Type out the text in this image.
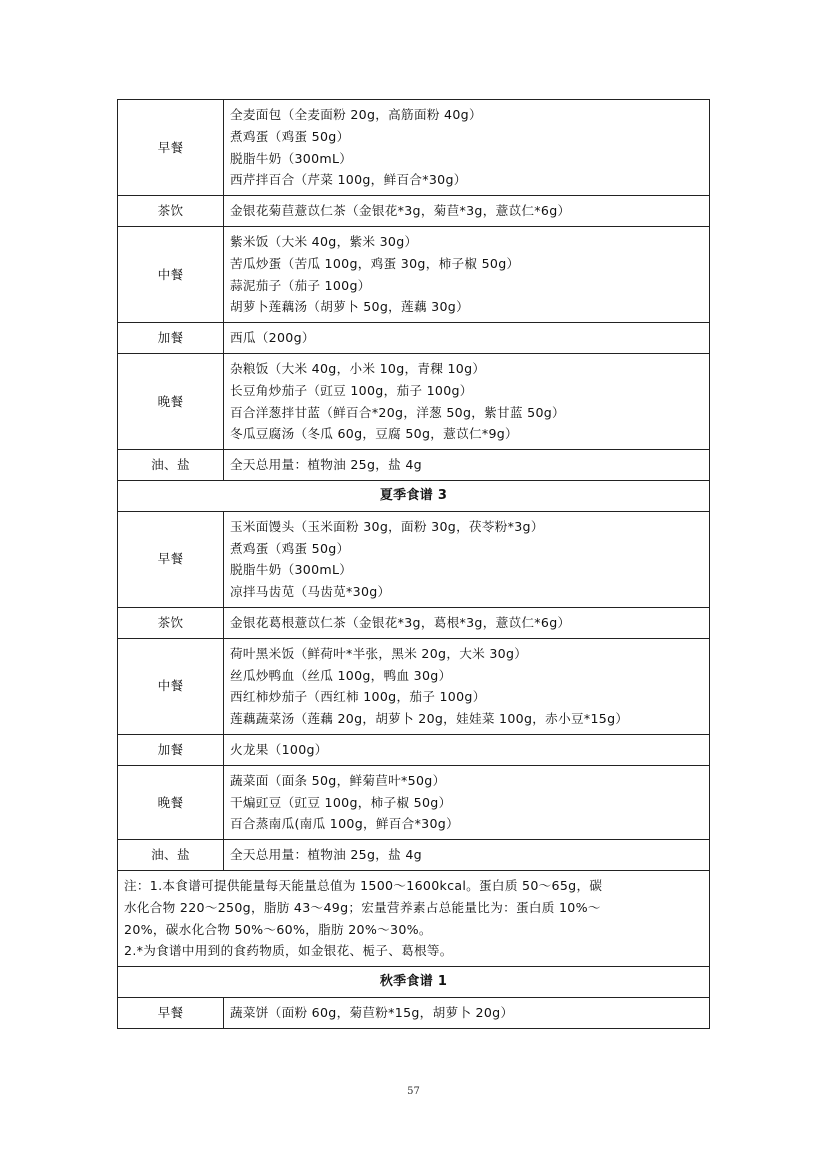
早餐	全麦面包（全麦面粉 20g，高筋面粉 40g）
煮鸡蛋（鸡蛋 50g）
脱脂牛奶（300mL）
西芹拌百合（芹菜 100g，鲜百合*30g）

茶饮	金银花菊苣薏苡仁茶（金银花*3g，菊苣*3g，薏苡仁*6g）

中餐	紫米饭（大米 40g，紫米 30g）
苦瓜炒蛋（苦瓜 100g，鸡蛋 30g，柿子椒 50g）
蒜泥茄子（茄子 100g）
胡萝卜莲藕汤（胡萝卜 50g，莲藕 30g）

加餐	西瓜（200g）

晚餐	杂粮饭（大米 40g，小米 10g，青稞 10g）
长豆角炒茄子（豇豆 100g，茄子 100g）
百合洋葱拌甘蓝（鲜百合*20g，洋葱 50g，紫甘蓝 50g）
冬瓜豆腐汤（冬瓜 60g，豆腐 50g，薏苡仁*9g）

油、盐	全天总用量：植物油 25g，盐 4g

夏季食谱 3	
早餐	玉米面馒头（玉米面粉 30g，面粉 30g，茯苓粉*3g）
煮鸡蛋（鸡蛋 50g）
脱脂牛奶（300mL）
凉拌马齿苋（马齿苋*30g）

茶饮	金银花葛根薏苡仁茶（金银花*3g，葛根*3g，薏苡仁*6g）

中餐	荷叶黑米饭（鲜荷叶*半张，黑米 20g，大米 30g）
丝瓜炒鸭血（丝瓜 100g，鸭血 30g）
西红柿炒茄子（西红柿 100g，茄子 100g）
莲藕蔬菜汤（莲藕 20g，胡萝卜 20g，娃娃菜 100g，赤小豆*15g）

加餐	火龙果（100g）

晚餐	蔬菜面（面条 50g，鲜菊苣叶*50g）
干煸豇豆（豇豆 100g，柿子椒 50g）
百合蒸南瓜(南瓜 100g，鲜百合*30g）

油、盐	全天总用量：植物油 25g，盐 4g

注：1.本食谱可提供能量每天能量总值为 1500～1600kcal。蛋白质 50～65g，碳
水化合物 220～250g，脂肪 43～49g；宏量营养素占总能量比为：蛋白质 10%～
20%，碳水化合物 50%～60%，脂肪 20%～30%。
2.*为食谱中用到的食药物质，如金银花、栀子、葛根等。	

秋季食谱 1	
早餐	蔬菜饼（面粉 60g，菊苣粉*15g，胡萝卜 20g）
57
